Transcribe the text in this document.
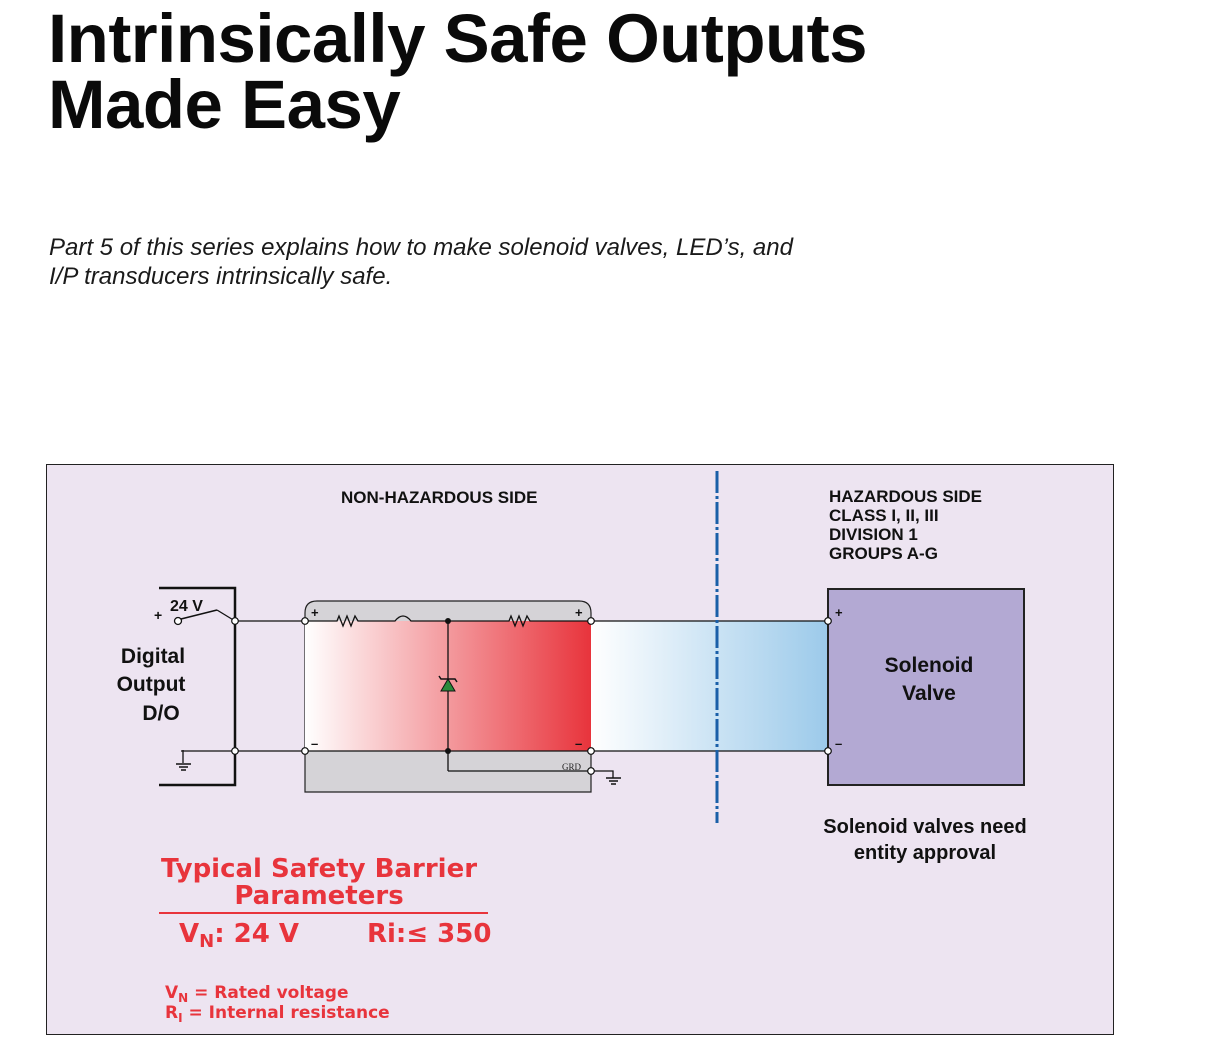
Intrinsically Safe Outputs
Made Easy

Part 5 of this series explains how to make solenoid valves, LED’s, and
I/P transducers intrinsically safe.

NON-HAZARDOUS SIDE	HAZARDOUS SIDE
CLASS I, II, III
DIVISION 1
GROUPS A-G
24 V
+
Digital
Output
D/O
+	+
–	–
GRD
+
–
Solenoid
Valve
Solenoid valves need
entity approval
Typical Safety Barrier
Parameters
VN: 24 V	Ri:≤ 350
$V_N$ = Rated voltage
$R_I$ = Internal resistance
